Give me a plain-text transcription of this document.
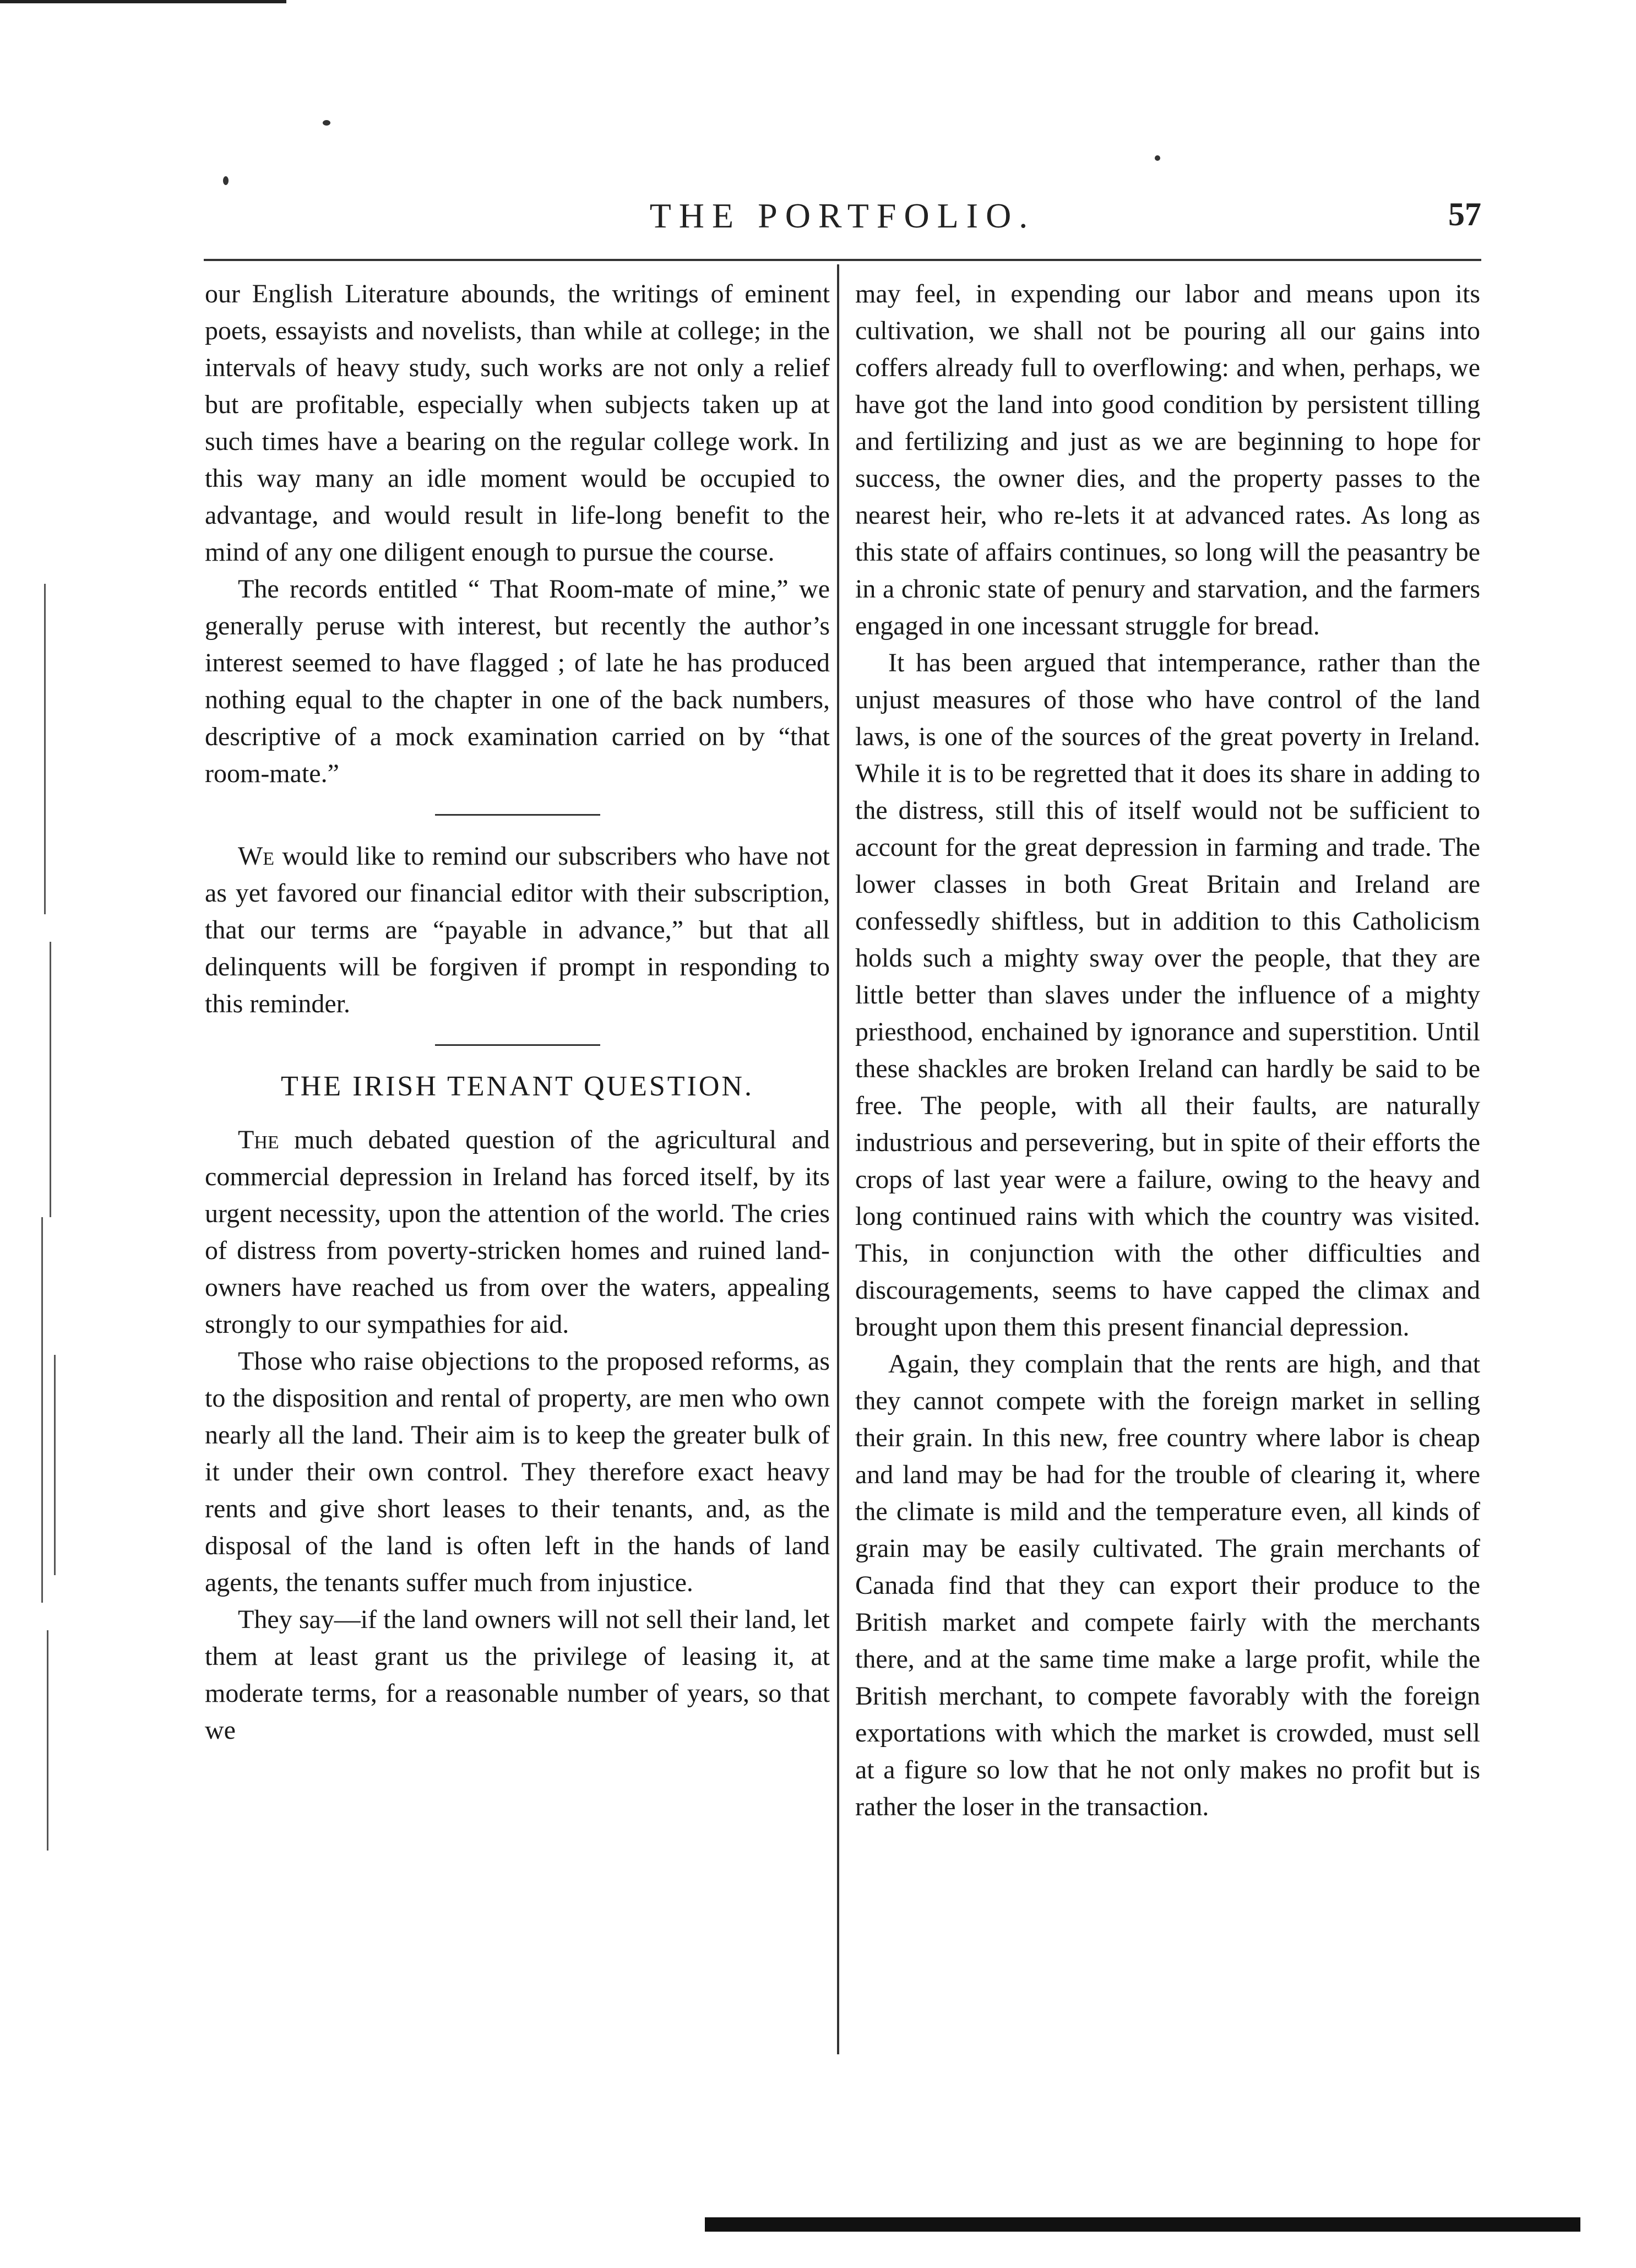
THE PORTFOLIO.	57

our English Literature abounds, the writings of eminent poets, essayists and novelists, than while at college; in the intervals of heavy study, such works are not only a relief but are profitable, especially when subjects taken up at such times have a bearing on the regular college work. In this way many an idle moment would be occupied to advantage, and would result in life-long benefit to the mind of any one diligent enough to pursue the course.

The records entitled “ That Room-mate of mine,” we generally peruse with interest, but recently the author’s interest seemed to have flagged ; of late he has produced nothing equal to the chapter in one of the back numbers, descriptive of a mock examination carried on by “that room-mate.”

We would like to remind our subscribers who have not as yet favored our financial editor with their subscription, that our terms are “payable in advance,” but that all delinquents will be forgiven if prompt in responding to this reminder.

THE IRISH TENANT QUESTION.

The much debated question of the agricultural and commercial depression in Ireland has forced itself, by its urgent necessity, upon the attention of the world. The cries of distress from poverty-stricken homes and ruined land-owners have reached us from over the waters, appealing strongly to our sympathies for aid.

Those who raise objections to the proposed reforms, as to the disposition and rental of property, are men who own nearly all the land. Their aim is to keep the greater bulk of it under their own control. They therefore exact heavy rents and give short leases to their tenants, and, as the disposal of the land is often left in the hands of land agents, the tenants suffer much from injustice.

They say—if the land owners will not sell their land, let them at least grant us the privilege of leasing it, at moderate terms, for a reasonable number of years, so that we

may feel, in expending our labor and means upon its cultivation, we shall not be pouring all our gains into coffers already full to overflowing: and when, perhaps, we have got the land into good condition by persistent tilling and fertilizing and just as we are beginning to hope for success, the owner dies, and the property passes to the nearest heir, who re-lets it at advanced rates. As long as this state of affairs continues, so long will the peasantry be in a chronic state of penury and starvation, and the farmers engaged in one incessant struggle for bread.

It has been argued that intemperance, rather than the unjust measures of those who have control of the land laws, is one of the sources of the great poverty in Ireland. While it is to be regretted that it does its share in adding to the distress, still this of itself would not be sufficient to account for the great depression in farming and trade. The lower classes in both Great Britain and Ireland are confessedly shiftless, but in addition to this Catholicism holds such a mighty sway over the people, that they are little better than slaves under the influence of a mighty priesthood, enchained by ignorance and superstition. Until these shackles are broken Ireland can hardly be said to be free. The people, with all their faults, are naturally industrious and persevering, but in spite of their efforts the crops of last year were a failure, owing to the heavy and long continued rains with which the country was visited. This, in conjunction with the other difficulties and discouragements, seems to have capped the climax and brought upon them this present financial depression.

Again, they complain that the rents are high, and that they cannot compete with the foreign market in selling their grain. In this new, free country where labor is cheap and land may be had for the trouble of clearing it, where the climate is mild and the temperature even, all kinds of grain may be easily cultivated. The grain merchants of Canada find that they can export their produce to the British market and compete fairly with the merchants there, and at the same time make a large profit, while the British merchant, to compete favorably with the foreign exportations with which the market is crowded, must sell at a figure so low that he not only makes no profit but is rather the loser in the transaction.
